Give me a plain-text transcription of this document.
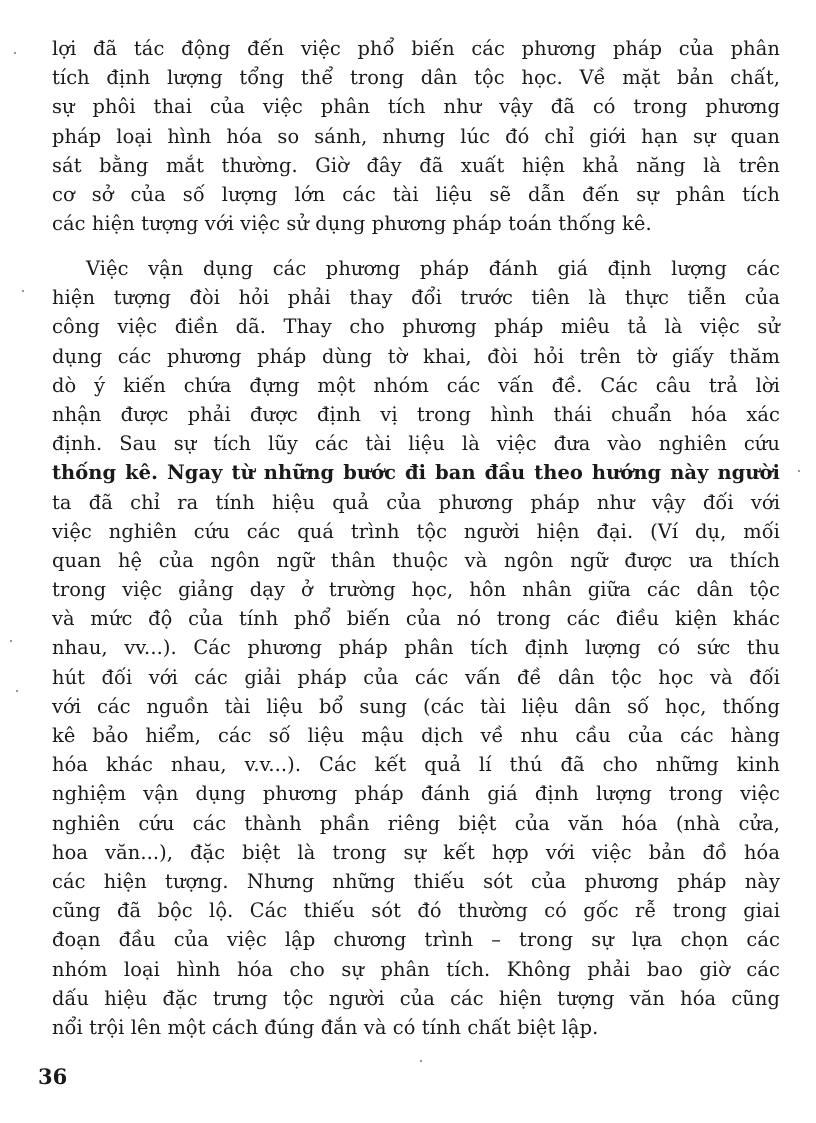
lợi đã tác động đến việc phổ biến các phương pháp của phân
tích định lượng tổng thể trong dân tộc học. Về mặt bản chất,
sự phôi thai của việc phân tích như vậy đã có trong phương
pháp loại hình hóa so sánh, nhưng lúc đó chỉ giới hạn sự quan
sát bằng mắt thường. Giờ đây đã xuất hiện khả năng là trên
cơ sở của số lượng lớn các tài liệu sẽ dẫn đến sự phân tích
các hiện tượng với việc sử dụng phương pháp toán thống kê.
Việc vận dụng các phương pháp đánh giá định lượng các
hiện tượng đòi hỏi phải thay đổi trước tiên là thực tiễn của
công việc điền dã. Thay cho phương pháp miêu tả là việc sử
dụng các phương pháp dùng tờ khai, đòi hỏi trên tờ giấy thăm
dò ý kiến chứa đựng một nhóm các vấn đề. Các câu trả lời
nhận được phải được định vị trong hình thái chuẩn hóa xác
định. Sau sự tích lũy các tài liệu là việc đưa vào nghiên cứu
thống kê. Ngay từ những bước đi ban đầu theo hướng này người
ta đã chỉ ra tính hiệu quả của phương pháp như vậy đối với
việc nghiên cứu các quá trình tộc người hiện đại. (Ví dụ, mối
quan hệ của ngôn ngữ thân thuộc và ngôn ngữ được ưa thích
trong việc giảng dạy ở trường học, hôn nhân giữa các dân tộc
và mức độ của tính phổ biến của nó trong các điều kiện khác
nhau, vv...). Các phương pháp phân tích định lượng có sức thu
hút đối với các giải pháp của các vấn đề dân tộc học và đối
với các nguồn tài liệu bổ sung (các tài liệu dân số học, thống
kê bảo hiểm, các số liệu mậu dịch về nhu cầu của các hàng
hóa khác nhau, v.v...). Các kết quả lí thú đã cho những kinh
nghiệm vận dụng phương pháp đánh giá định lượng trong việc
nghiên cứu các thành phần riêng biệt của văn hóa (nhà cửa,
hoa văn...), đặc biệt là trong sự kết hợp với việc bản đồ hóa
các hiện tượng. Nhưng những thiếu sót của phương pháp này
cũng đã bộc lộ. Các thiếu sót đó thường có gốc rễ trong giai
đoạn đầu của việc lập chương trình – trong sự lựa chọn các
nhóm loại hình hóa cho sự phân tích. Không phải bao giờ các
dấu hiệu đặc trưng tộc người của các hiện tượng văn hóa cũng
nổi trội lên một cách đúng đắn và có tính chất biệt lập.
36
